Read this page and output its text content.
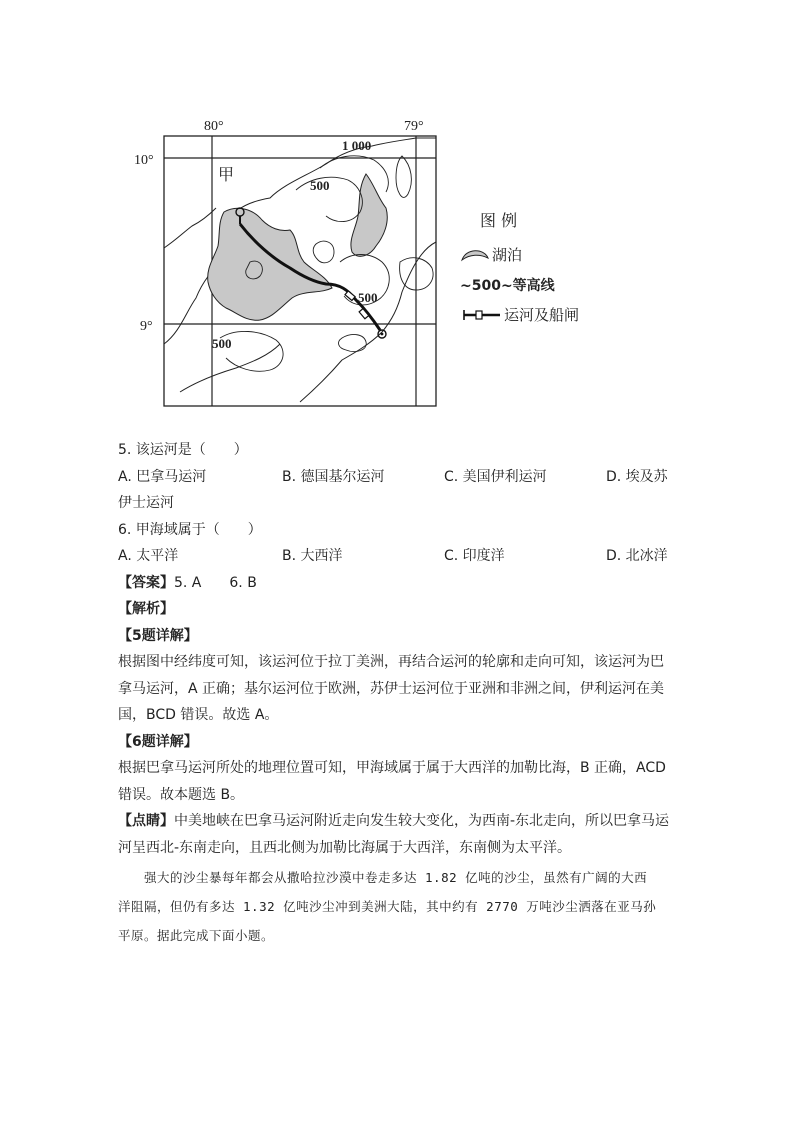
80°	79°
10°
9°
甲
1 000
500
500
500
图 例
湖泊
~500~等高线
运河及船闸
5. 该运河是（　　）
A. 巴拿马运河	B. 德国基尔运河	C. 美国伊利运河	D. 埃及苏
伊士运河
6. 甲海域属于（　　）
A. 太平洋	B. 大西洋	C. 印度洋	D. 北冰洋
【答案】5. A　　6. B
【解析】
【5题详解】
根据图中经纬度可知，该运河位于拉丁美洲，再结合运河的轮廓和走向可知，该运河为巴
拿马运河，A 正确；基尔运河位于欧洲，苏伊士运河位于亚洲和非洲之间，伊利运河在美
国，BCD 错误。故选 A。
【6题详解】
根据巴拿马运河所处的地理位置可知，甲海域属于属于大西洋的加勒比海，B 正确，ACD
错误。故本题选 B。
【点睛】中美地峡在巴拿马运河附近走向发生较大变化，为西南-东北走向，所以巴拿马运
河呈西北-东南走向，且西北侧为加勒比海属于大西洋，东南侧为太平洋。
　　强大的沙尘暴每年都会从撒哈拉沙漠中卷走多达 1.82 亿吨的沙尘，虽然有广阔的大西
洋阻隔，但仍有多达 1.32 亿吨沙尘冲到美洲大陆，其中约有 2770 万吨沙尘洒落在亚马孙
平原。据此完成下面小题。
